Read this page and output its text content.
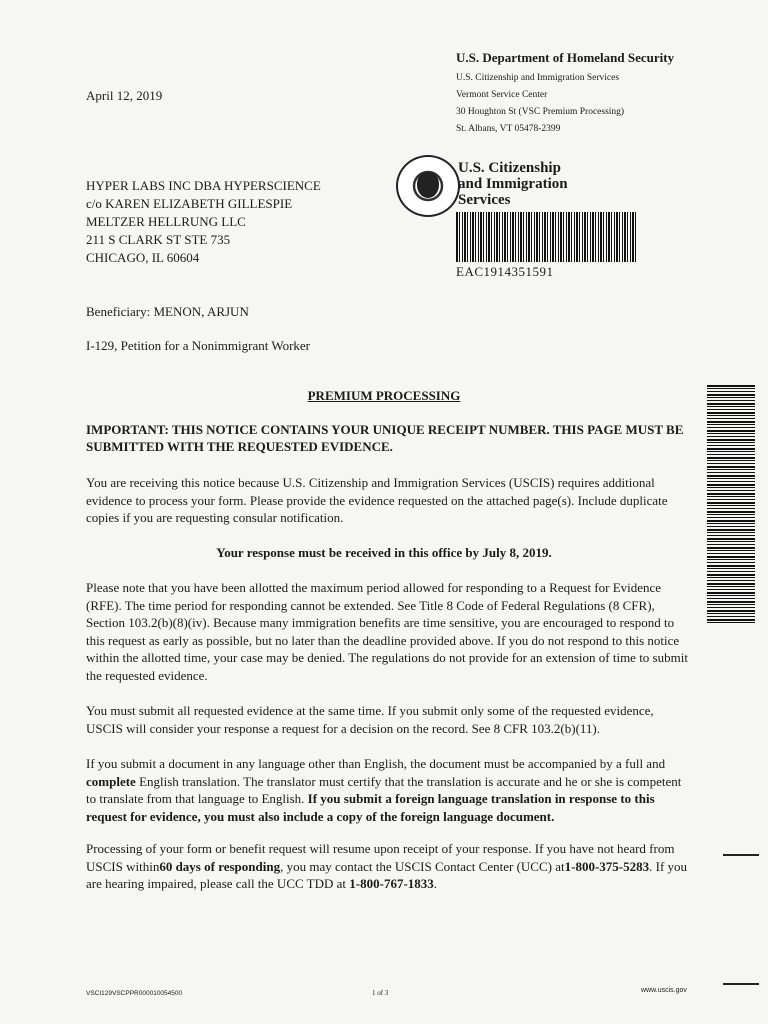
U.S. Department of Homeland Security
U.S. Citizenship and Immigration Services
Vermont Service Center
30 Houghton St (VSC Premium Processing)
St. Albans, VT 05478-2399
April 12, 2019
HYPER LABS INC DBA HYPERSCIENCE
c/o KAREN ELIZABETH GILLESPIE
MELTZER HELLRUNG LLC
211 S CLARK ST STE 735
CHICAGO, IL 60604
U.S. Citizenship
and Immigration
Services
EAC1914351591
Beneficiary: MENON, ARJUN
I-129, Petition for a Nonimmigrant Worker
PREMIUM PROCESSING
IMPORTANT: THIS NOTICE CONTAINS YOUR UNIQUE RECEIPT NUMBER. THIS PAGE MUST BE SUBMITTED WITH THE REQUESTED EVIDENCE.
You are receiving this notice because U.S. Citizenship and Immigration Services (USCIS) requires additional evidence to process your form. Please provide the evidence requested on the attached page(s). Include duplicate copies if you are requesting consular notification.
Your response must be received in this office by July 8, 2019.
Please note that you have been allotted the maximum period allowed for responding to a Request for Evidence (RFE). The time period for responding cannot be extended. See Title 8 Code of Federal Regulations (8 CFR), Section 103.2(b)(8)(iv). Because many immigration benefits are time sensitive, you are encouraged to respond to this request as early as possible, but no later than the deadline provided above. If you do not respond to this notice within the allotted time, your case may be denied. The regulations do not provide for an extension of time to submit the requested evidence.
You must submit all requested evidence at the same time. If you submit only some of the requested evidence, USCIS will consider your response a request for a decision on the record. See 8 CFR 103.2(b)(11).
If you submit a document in any language other than English, the document must be accompanied by a full and complete English translation. The translator must certify that the translation is accurate and he or she is competent to translate from that language to English. If you submit a foreign language translation in response to this request for evidence, you must also include a copy of the foreign language document.
Processing of your form or benefit request will resume upon receipt of your response. If you have not heard from USCIS within60 days of responding, you may contact the USCIS Contact Center (UCC) at1-800-375-5283. If you are hearing impaired, please call the UCC TDD at 1-800-767-1833.
VSCI129VSCPPR000010054500	1 of 3	www.uscis.gov
